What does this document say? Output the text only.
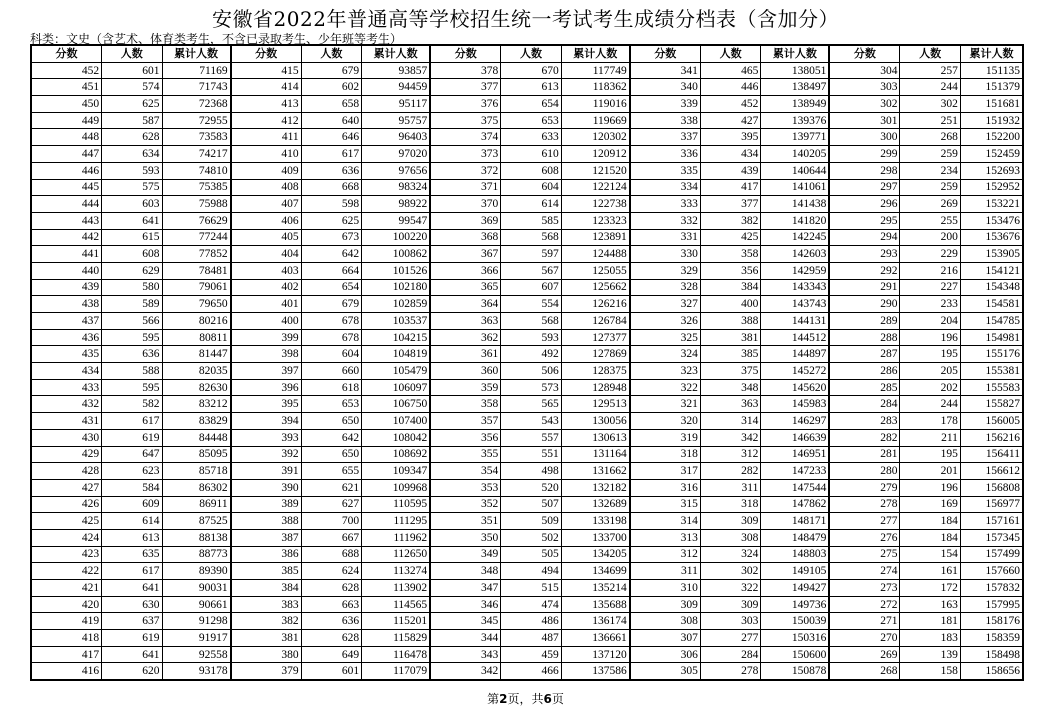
安徽省2022年普通高等学校招生统一考试考生成绩分档表（含加分）
科类：文史（含艺术、体育类考生，不含已录取考生、少年班等考生）
分数	人数	累计人数	分数	人数	累计人数	分数	人数	累计人数	分数	人数	累计人数	分数	人数	累计人数
452	601	71169	415	679	93857	378	670	117749	341	465	138051	304	257	151135
451	574	71743	414	602	94459	377	613	118362	340	446	138497	303	244	151379
450	625	72368	413	658	95117	376	654	119016	339	452	138949	302	302	151681
449	587	72955	412	640	95757	375	653	119669	338	427	139376	301	251	151932
448	628	73583	411	646	96403	374	633	120302	337	395	139771	300	268	152200
447	634	74217	410	617	97020	373	610	120912	336	434	140205	299	259	152459
446	593	74810	409	636	97656	372	608	121520	335	439	140644	298	234	152693
445	575	75385	408	668	98324	371	604	122124	334	417	141061	297	259	152952
444	603	75988	407	598	98922	370	614	122738	333	377	141438	296	269	153221
443	641	76629	406	625	99547	369	585	123323	332	382	141820	295	255	153476
442	615	77244	405	673	100220	368	568	123891	331	425	142245	294	200	153676
441	608	77852	404	642	100862	367	597	124488	330	358	142603	293	229	153905
440	629	78481	403	664	101526	366	567	125055	329	356	142959	292	216	154121
439	580	79061	402	654	102180	365	607	125662	328	384	143343	291	227	154348
438	589	79650	401	679	102859	364	554	126216	327	400	143743	290	233	154581
437	566	80216	400	678	103537	363	568	126784	326	388	144131	289	204	154785
436	595	80811	399	678	104215	362	593	127377	325	381	144512	288	196	154981
435	636	81447	398	604	104819	361	492	127869	324	385	144897	287	195	155176
434	588	82035	397	660	105479	360	506	128375	323	375	145272	286	205	155381
433	595	82630	396	618	106097	359	573	128948	322	348	145620	285	202	155583
432	582	83212	395	653	106750	358	565	129513	321	363	145983	284	244	155827
431	617	83829	394	650	107400	357	543	130056	320	314	146297	283	178	156005
430	619	84448	393	642	108042	356	557	130613	319	342	146639	282	211	156216
429	647	85095	392	650	108692	355	551	131164	318	312	146951	281	195	156411
428	623	85718	391	655	109347	354	498	131662	317	282	147233	280	201	156612
427	584	86302	390	621	109968	353	520	132182	316	311	147544	279	196	156808
426	609	86911	389	627	110595	352	507	132689	315	318	147862	278	169	156977
425	614	87525	388	700	111295	351	509	133198	314	309	148171	277	184	157161
424	613	88138	387	667	111962	350	502	133700	313	308	148479	276	184	157345
423	635	88773	386	688	112650	349	505	134205	312	324	148803	275	154	157499
422	617	89390	385	624	113274	348	494	134699	311	302	149105	274	161	157660
421	641	90031	384	628	113902	347	515	135214	310	322	149427	273	172	157832
420	630	90661	383	663	114565	346	474	135688	309	309	149736	272	163	157995
419	637	91298	382	636	115201	345	486	136174	308	303	150039	271	181	158176
418	619	91917	381	628	115829	344	487	136661	307	277	150316	270	183	158359
417	641	92558	380	649	116478	343	459	137120	306	284	150600	269	139	158498
416	620	93178	379	601	117079	342	466	137586	305	278	150878	268	158	158656
第2页，共6页
